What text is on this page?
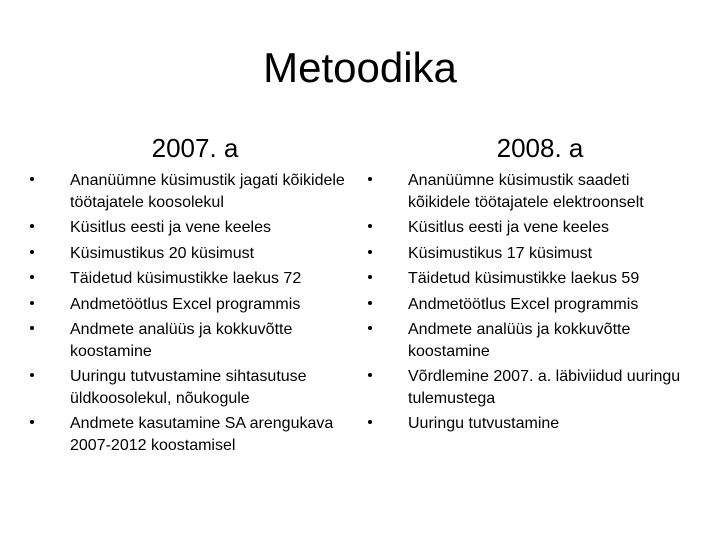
Metoodika
2007. a
Ananüümne küsimustik jagati kõikidele töötajatele koosolekul
Küsitlus eesti ja vene keeles
Küsimustikus 20 küsimust
Täidetud küsimustikke laekus 72
Andmetöötlus Excel programmis
Andmete analüüs ja kokkuvõtte koostamine
Uuringu tutvustamine sihtasutuse üldkoosolekul, nõukogule
Andmete kasutamine SA arengukava 2007-2012 koostamisel
2008. a
Ananüümne küsimustik saadeti kõikidele töötajatele elektroonselt
Küsitlus eesti ja vene keeles
Küsimustikus 17 küsimust
Täidetud küsimustikke laekus 59
Andmetöötlus Excel programmis
Andmete analüüs ja kokkuvõtte koostamine
Võrdlemine 2007. a. läbiviidud uuringu tulemustega
Uuringu tutvustamine
